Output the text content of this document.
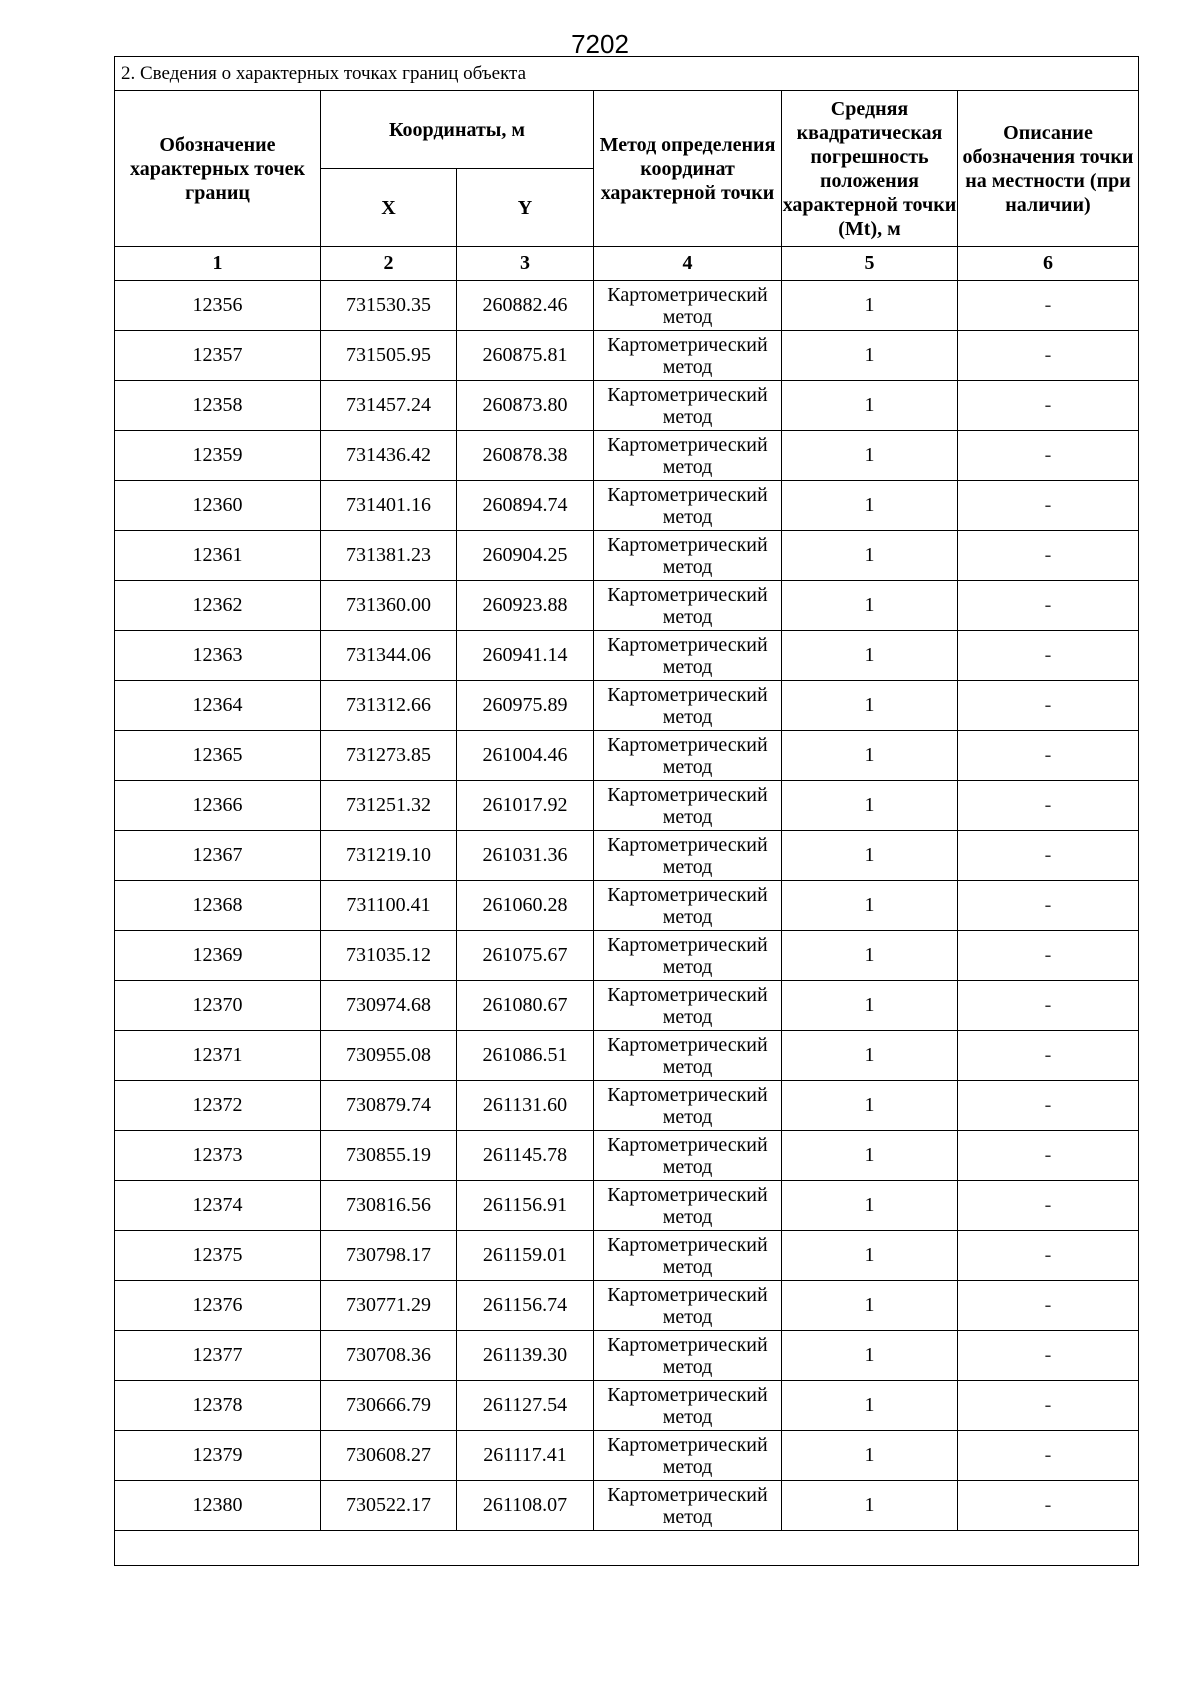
7202
2. Сведения о характерных точках границ объекта					
Обозначение характерных точек границ	Координаты, м		Метод определения координат характерной точки	Средняя квадратическая погрешность положения характерной точки (Mt), м	Описание обозначения точки на местности (при наличии)
	X	Y			
1	2	3	4	5	6
12356	731530.35	260882.46	Картометрический метод	1	-
12357	731505.95	260875.81	Картометрический метод	1	-
12358	731457.24	260873.80	Картометрический метод	1	-
12359	731436.42	260878.38	Картометрический метод	1	-
12360	731401.16	260894.74	Картометрический метод	1	-
12361	731381.23	260904.25	Картометрический метод	1	-
12362	731360.00	260923.88	Картометрический метод	1	-
12363	731344.06	260941.14	Картометрический метод	1	-
12364	731312.66	260975.89	Картометрический метод	1	-
12365	731273.85	261004.46	Картометрический метод	1	-
12366	731251.32	261017.92	Картометрический метод	1	-
12367	731219.10	261031.36	Картометрический метод	1	-
12368	731100.41	261060.28	Картометрический метод	1	-
12369	731035.12	261075.67	Картометрический метод	1	-
12370	730974.68	261080.67	Картометрический метод	1	-
12371	730955.08	261086.51	Картометрический метод	1	-
12372	730879.74	261131.60	Картометрический метод	1	-
12373	730855.19	261145.78	Картометрический метод	1	-
12374	730816.56	261156.91	Картометрический метод	1	-
12375	730798.17	261159.01	Картометрический метод	1	-
12376	730771.29	261156.74	Картометрический метод	1	-
12377	730708.36	261139.30	Картометрический метод	1	-
12378	730666.79	261127.54	Картометрический метод	1	-
12379	730608.27	261117.41	Картометрический метод	1	-
12380	730522.17	261108.07	Картометрический метод	1	-
